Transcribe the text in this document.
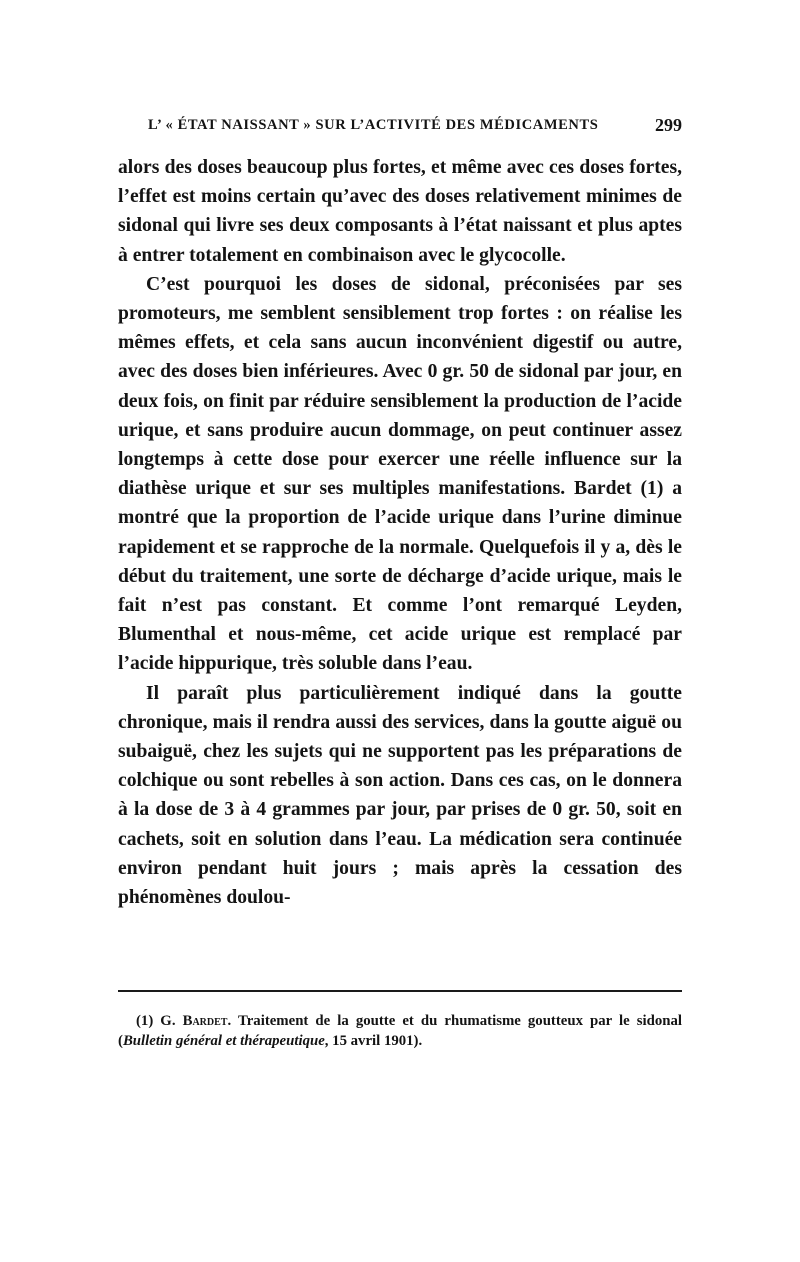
L’ « ÉTAT NAISSANT » SUR L’ACTIVITÉ DES MÉDICAMENTS	299

alors des doses beaucoup plus fortes, et même avec ces doses fortes, l’effet est moins certain qu’avec des doses relativement minimes de sidonal qui livre ses deux composants à l’état naissant et plus aptes à entrer totalement en combinaison avec le glycocolle.

C’est pourquoi les doses de sidonal, préconisées par ses promoteurs, me semblent sensiblement trop fortes : on réalise les mêmes effets, et cela sans aucun inconvénient digestif ou autre, avec des doses bien inférieures. Avec 0 gr. 50 de sidonal par jour, en deux fois, on finit par réduire sensiblement la production de l’acide urique, et sans produire aucun dommage, on peut continuer assez longtemps à cette dose pour exercer une réelle influence sur la diathèse urique et sur ses multiples manifestations. Bardet (1) a montré que la proportion de l’acide urique dans l’urine diminue rapidement et se rapproche de la normale. Quelquefois il y a, dès le début du traitement, une sorte de décharge d’acide urique, mais le fait n’est pas constant. Et comme l’ont remarqué Leyden, Blumenthal et nous-même, cet acide urique est remplacé par l’acide hippurique, très soluble dans l’eau.

Il paraît plus particulièrement indiqué dans la goutte chronique, mais il rendra aussi des services, dans la goutte aiguë ou subaiguë, chez les sujets qui ne supportent pas les préparations de colchique ou sont rebelles à son action. Dans ces cas, on le donnera à la dose de 3 à 4 grammes par jour, par prises de 0 gr. 50, soit en cachets, soit en solution dans l’eau. La médication sera continuée environ pendant huit jours ; mais après la cessation des phénomènes doulou-

(1) G. Bardet. Traitement de la goutte et du rhumatisme goutteux par le sidonal (Bulletin général et thérapeutique, 15 avril 1901).
